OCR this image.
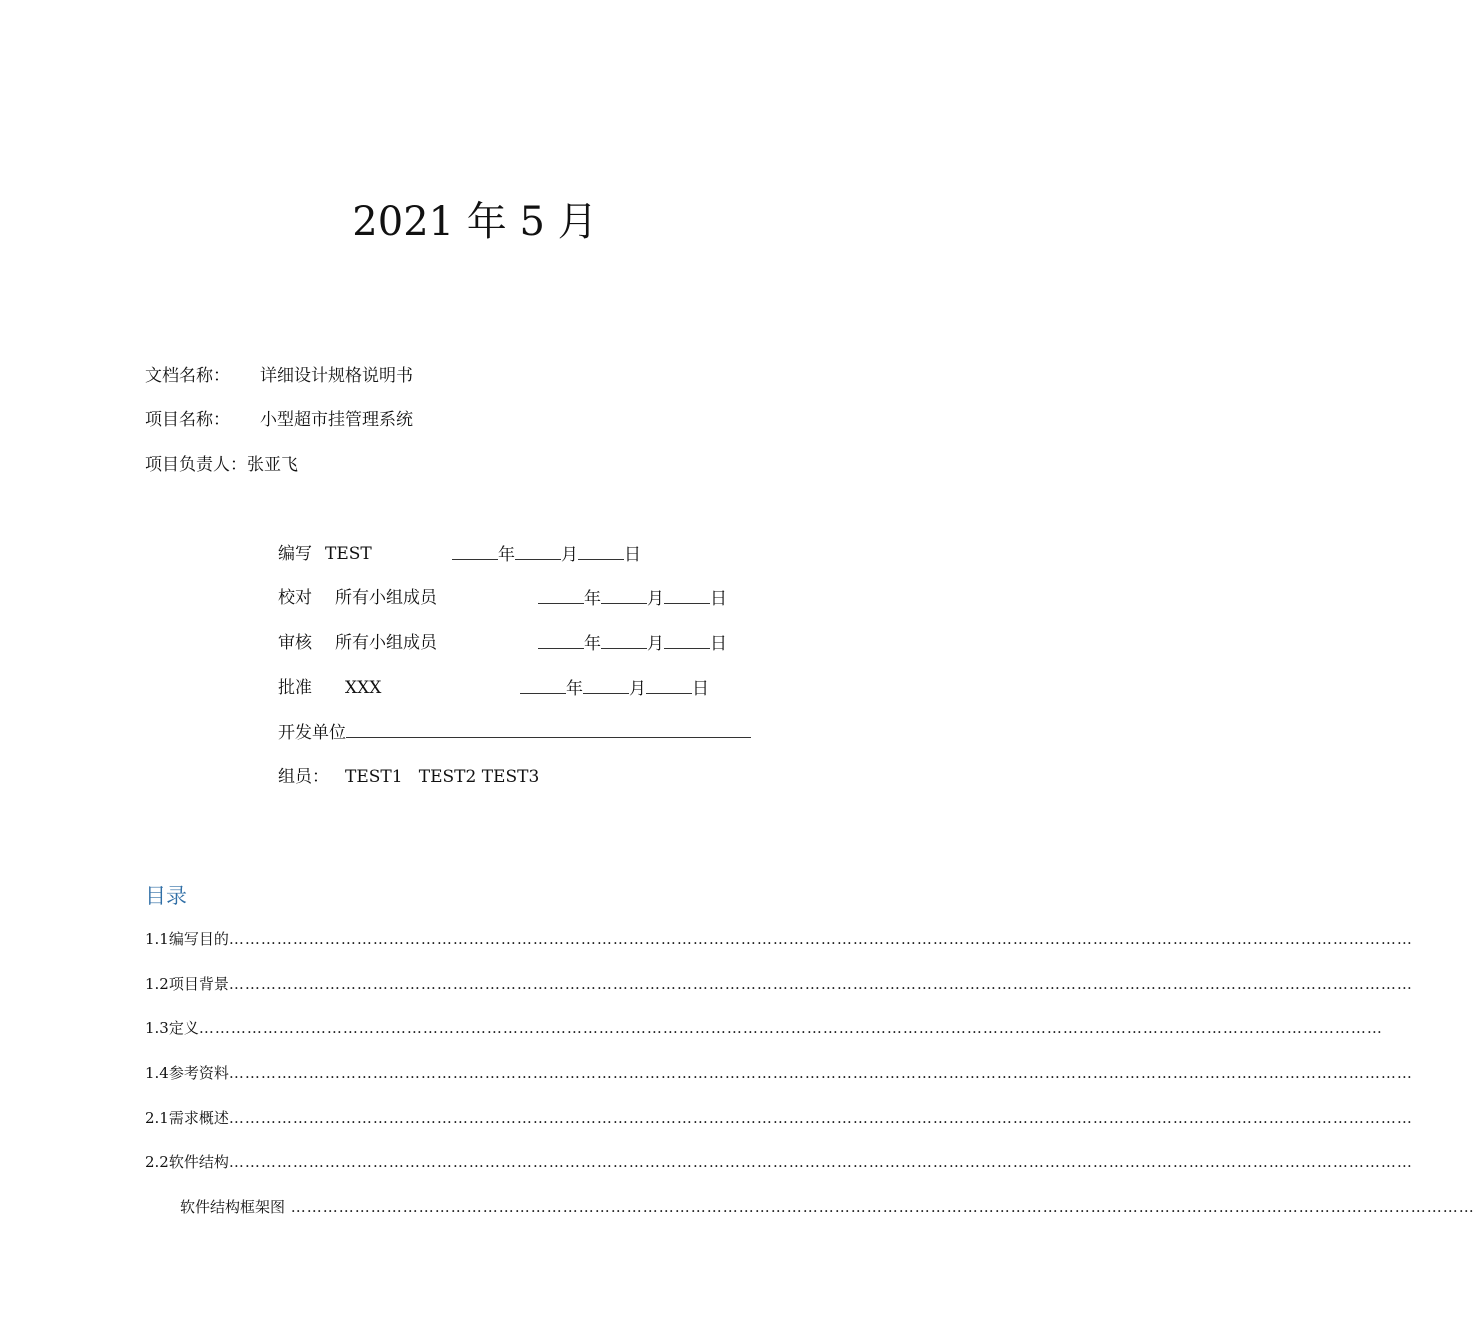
2021 年 5 月
文档名称： 详细设计规格说明书
项目名称： 小型超市挂管理系统
项目负责人：张亚飞
编写 TEST	年	月	日
校对 所有小组成员	年	月	日
审核 所有小组成员	年	月	日
批准 XXX	年	月	日
开发单位
组员： TEST1   TEST2 TEST3
目录
1.1编写目的……………………………………………………………………………………………………………………………………………………………………………………………………
1.2项目背景……………………………………………………………………………………………………………………………………………………………………………………………………
1.3定义……………………………………………………………………………………………………………………………………………………………………………………………………
1.4参考资料……………………………………………………………………………………………………………………………………………………………………………………………………
2.1需求概述……………………………………………………………………………………………………………………………………………………………………………………………………
2.2软件结构……………………………………………………………………………………………………………………………………………………………………………………………………
软件结构框架图 ……………………………………………………………………………………………………………………………………………………………………………………………………
